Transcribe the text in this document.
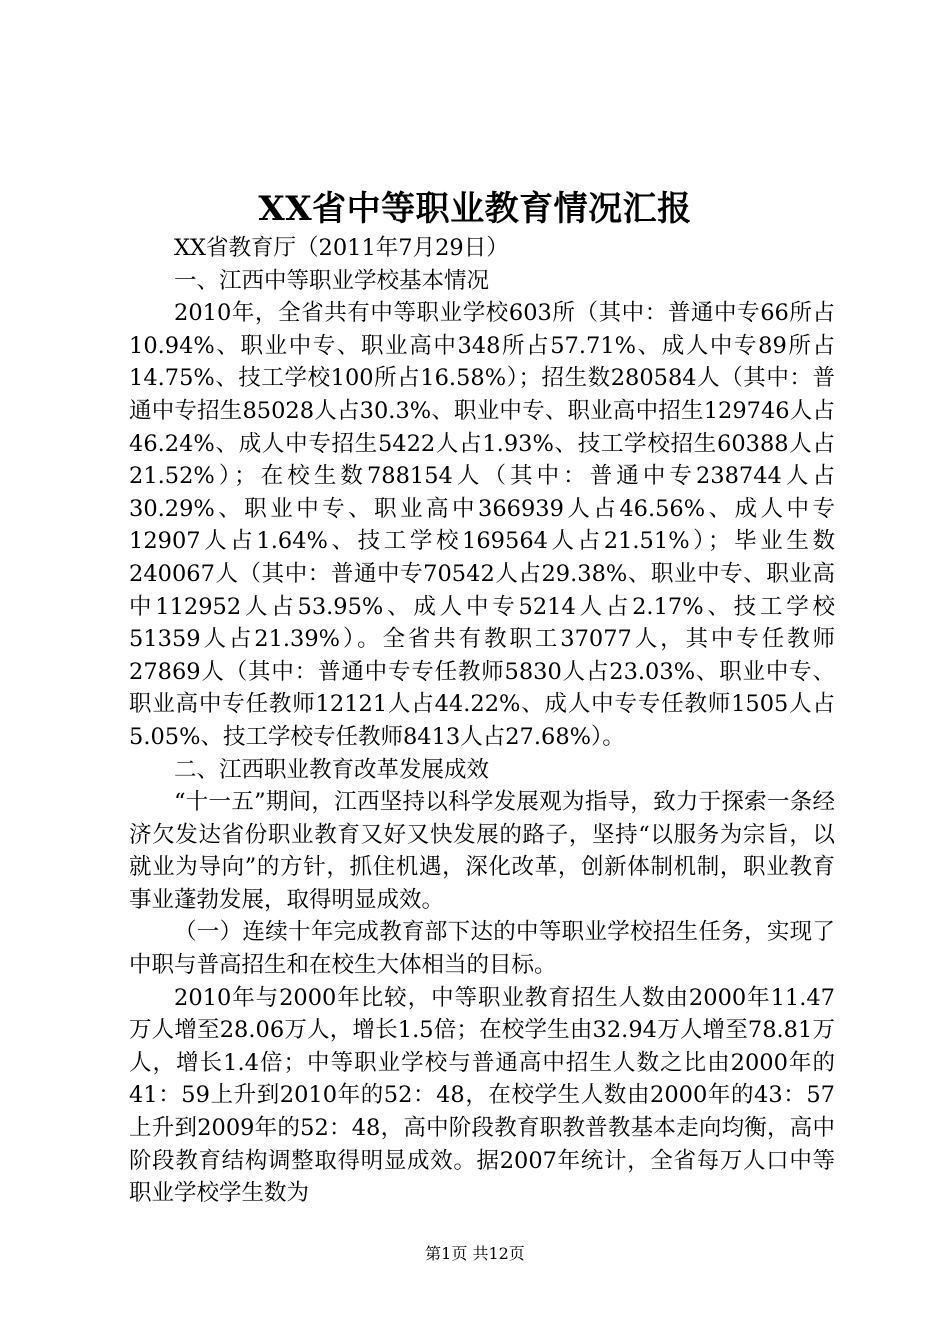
XX省中等职业教育情况汇报

XX省教育厅（2011年7月29日）

一、江西中等职业学校基本情况

2010年，全省共有中等职业学校603所（其中：普通中专66所占10.94%、职业中专、职业高中348所占57.71%、成人中专89所占14.75%、技工学校100所占16.58%）；招生数280584人（其中：普通中专招生85028人占30.3%、职业中专、职业高中招生129746人占46.24%、成人中专招生5422人占1.93%、技工学校招生60388人占21.52%）；在校生数788154人（其中：普通中专238744人占30.29%、职业中专、职业高中366939人占46.56%、成人中专12907人占1.64%、技工学校169564人占21.51%）；毕业生数240067人（其中：普通中专70542人占29.38%、职业中专、职业高中112952人占53.95%、成人中专5214人占2.17%、技工学校51359人占21.39%）。全省共有教职工37077人，其中专任教师27869人（其中：普通中专专任教师5830人占23.03%、职业中专、职业高中专任教师12121人占44.22%、成人中专专任教师1505人占5.05%、技工学校专任教师8413人占27.68%）。

二、江西职业教育改革发展成效

“十一五”期间，江西坚持以科学发展观为指导，致力于探索一条经济欠发达省份职业教育又好又快发展的路子，坚持“以服务为宗旨，以就业为导向”的方针，抓住机遇，深化改革，创新体制机制，职业教育事业蓬勃发展，取得明显成效。

（一）连续十年完成教育部下达的中等职业学校招生任务，实现了中职与普高招生和在校生大体相当的目标。

2010年与2000年比较，中等职业教育招生人数由2000年11.47万人增至28.06万人，增长1.5倍；在校学生由32.94万人增至78.81万人，增长1.4倍；中等职业学校与普通高中招生人数之比由2000年的41：59上升到2010年的52：48，在校学生人数由2000年的43：57上升到2009年的52：48，高中阶段教育职教普教基本走向均衡，高中阶段教育结构调整取得明显成效。据2007年统计，全省每万人口中等职业学校学生数为

第1页 共12页
